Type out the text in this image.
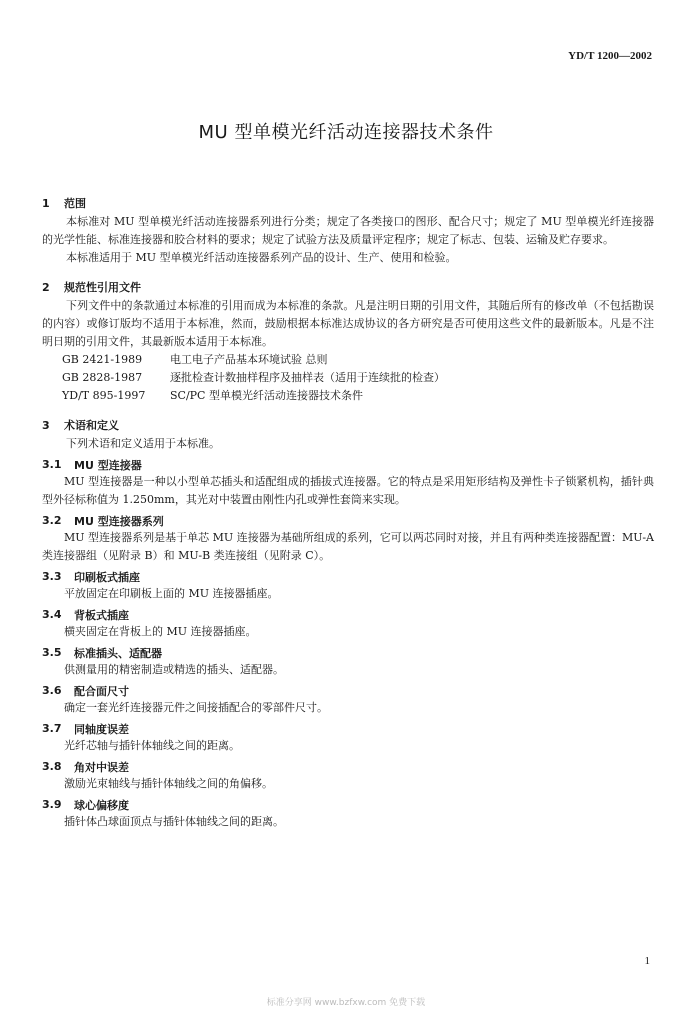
YD/T 1200—2002
MU 型单模光纤活动连接器技术条件
1	范围
本标准对 MU 型单模光纤活动连接器系列进行分类；规定了各类接口的图形、配合尺寸；规定了 MU 型单模光纤连接器的光学性能、标准连接器和胶合材料的要求；规定了试验方法及质量评定程序；规定了标志、包装、运输及贮存要求。
本标准适用于 MU 型单模光纤活动连接器系列产品的设计、生产、使用和检验。
2	规范性引用文件
下列文件中的条款通过本标准的引用而成为本标准的条款。凡是注明日期的引用文件，其随后所有的修改单（不包括勘误的内容）或修订版均不适用于本标准，然而，鼓励根据本标准达成协议的各方研究是否可使用这些文件的最新版本。凡是不注明日期的引用文件，其最新版本适用于本标准。
GB 2421-1989	电工电子产品基本环境试验 总则
GB 2828-1987	逐批检查计数抽样程序及抽样表（适用于连续批的检查）
YD/T 895-1997	SC/PC 型单模光纤活动连接器技术条件
3	术语和定义
下列术语和定义适用于本标准。
3.1	MU 型连接器
MU 型连接器是一种以小型单芯插头和适配组成的插拔式连接器。它的特点是采用矩形结构及弹性卡子锁紧机构，插针典型外径标称值为 1.250mm，其光对中装置由刚性内孔或弹性套筒来实现。
3.2	MU 型连接器系列
MU 型连接器系列是基于单芯 MU 连接器为基础所组成的系列，它可以两芯同时对接，并且有两种类连接器配置：MU-A 类连接器组（见附录 B）和 MU-B 类连接组（见附录 C）。
3.3	印刷板式插座
平放固定在印刷板上面的 MU 连接器插座。
3.4	背板式插座
横夹固定在背板上的 MU 连接器插座。
3.5	标准插头、适配器
供测量用的精密制造或精选的插头、适配器。
3.6	配合面尺寸
确定一套光纤连接器元件之间接插配合的零部件尺寸。
3.7	同轴度误差
光纤芯轴与插针体轴线之间的距离。
3.8	角对中误差
激励光束轴线与插针体轴线之间的角偏移。
3.9	球心偏移度
插针体凸球面顶点与插针体轴线之间的距离。
1
标准分享网 www.bzfxw.com 免费下载
